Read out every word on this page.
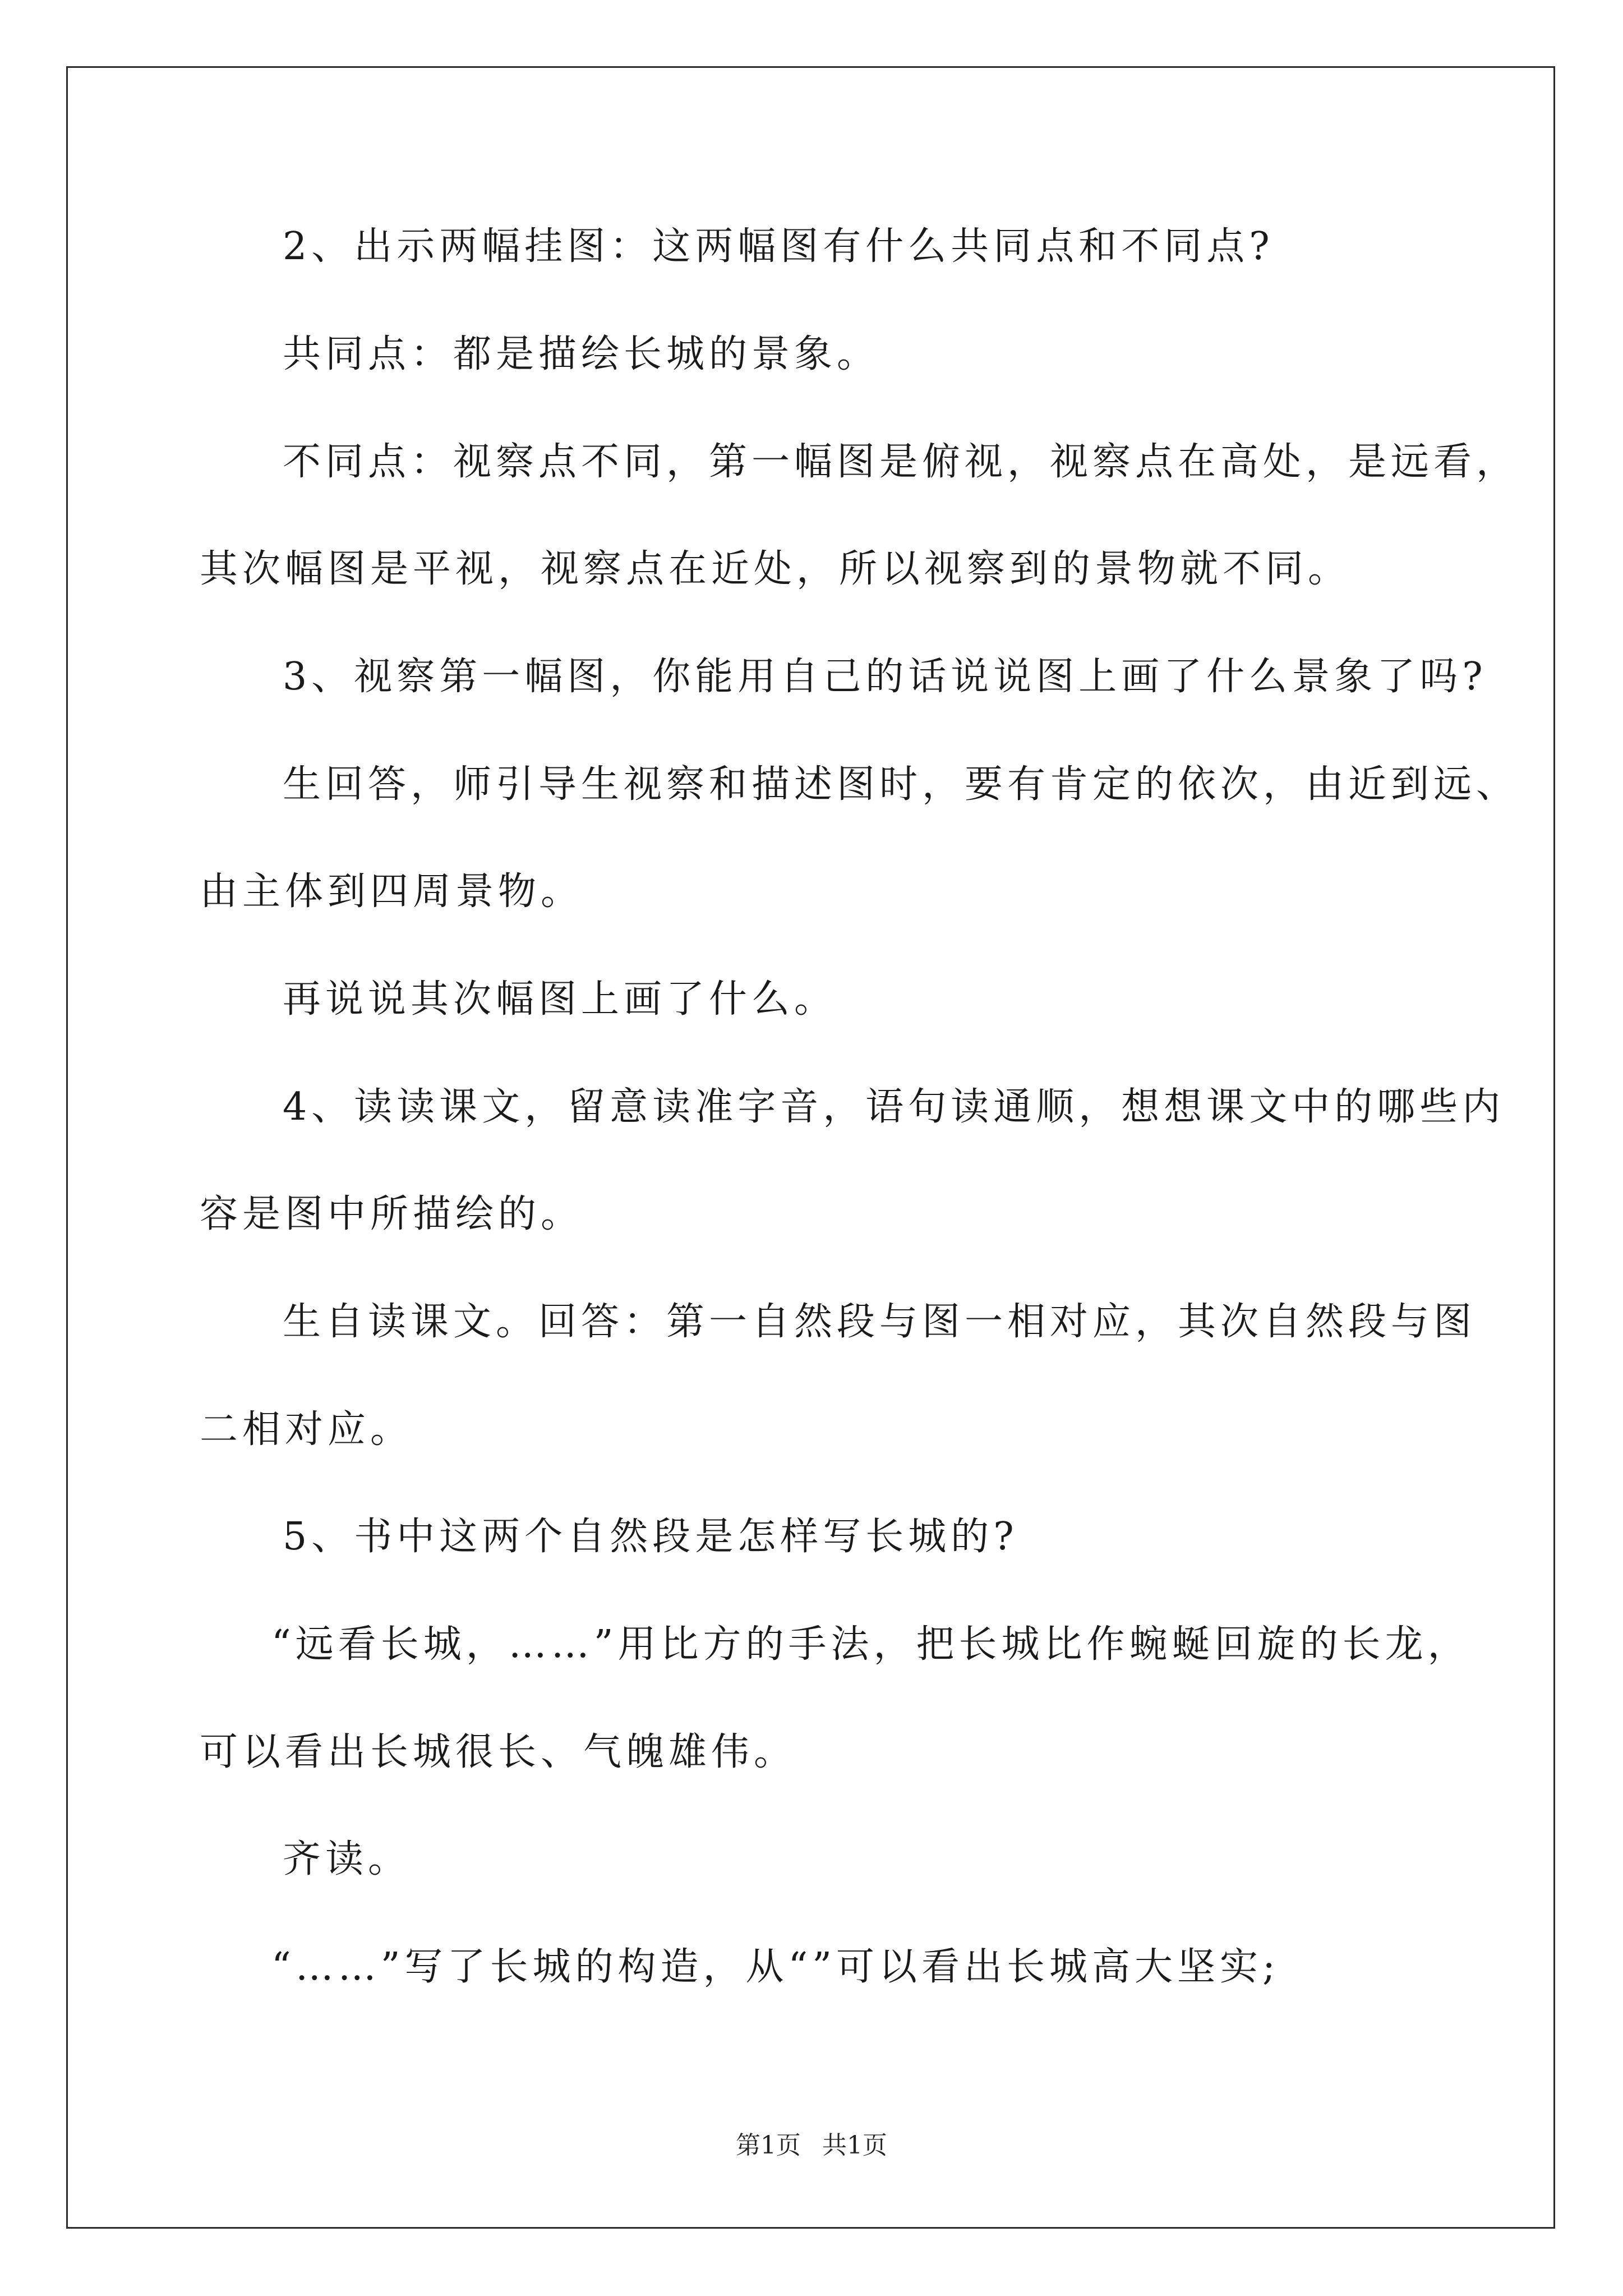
2、出示两幅挂图：这两幅图有什么共同点和不同点?
共同点：都是描绘长城的景象。
不同点：视察点不同，第一幅图是俯视，视察点在高处，是远看，
其次幅图是平视，视察点在近处，所以视察到的景物就不同。
3、视察第一幅图，你能用自己的话说说图上画了什么景象了吗?
生回答，师引导生视察和描述图时，要有肯定的依次，由近到远、
由主体到四周景物。
再说说其次幅图上画了什么。
4、读读课文，留意读准字音，语句读通顺，想想课文中的哪些内
容是图中所描绘的。
生自读课文。回答：第一自然段与图一相对应，其次自然段与图
二相对应。
5、书中这两个自然段是怎样写长城的?
“远看长城，……”用比方的手法，把长城比作蜿蜒回旋的长龙，
可以看出长城很长、气魄雄伟。
齐读。
“……”写了长城的构造，从“”可以看出长城高大坚实;
第1页 共1页
